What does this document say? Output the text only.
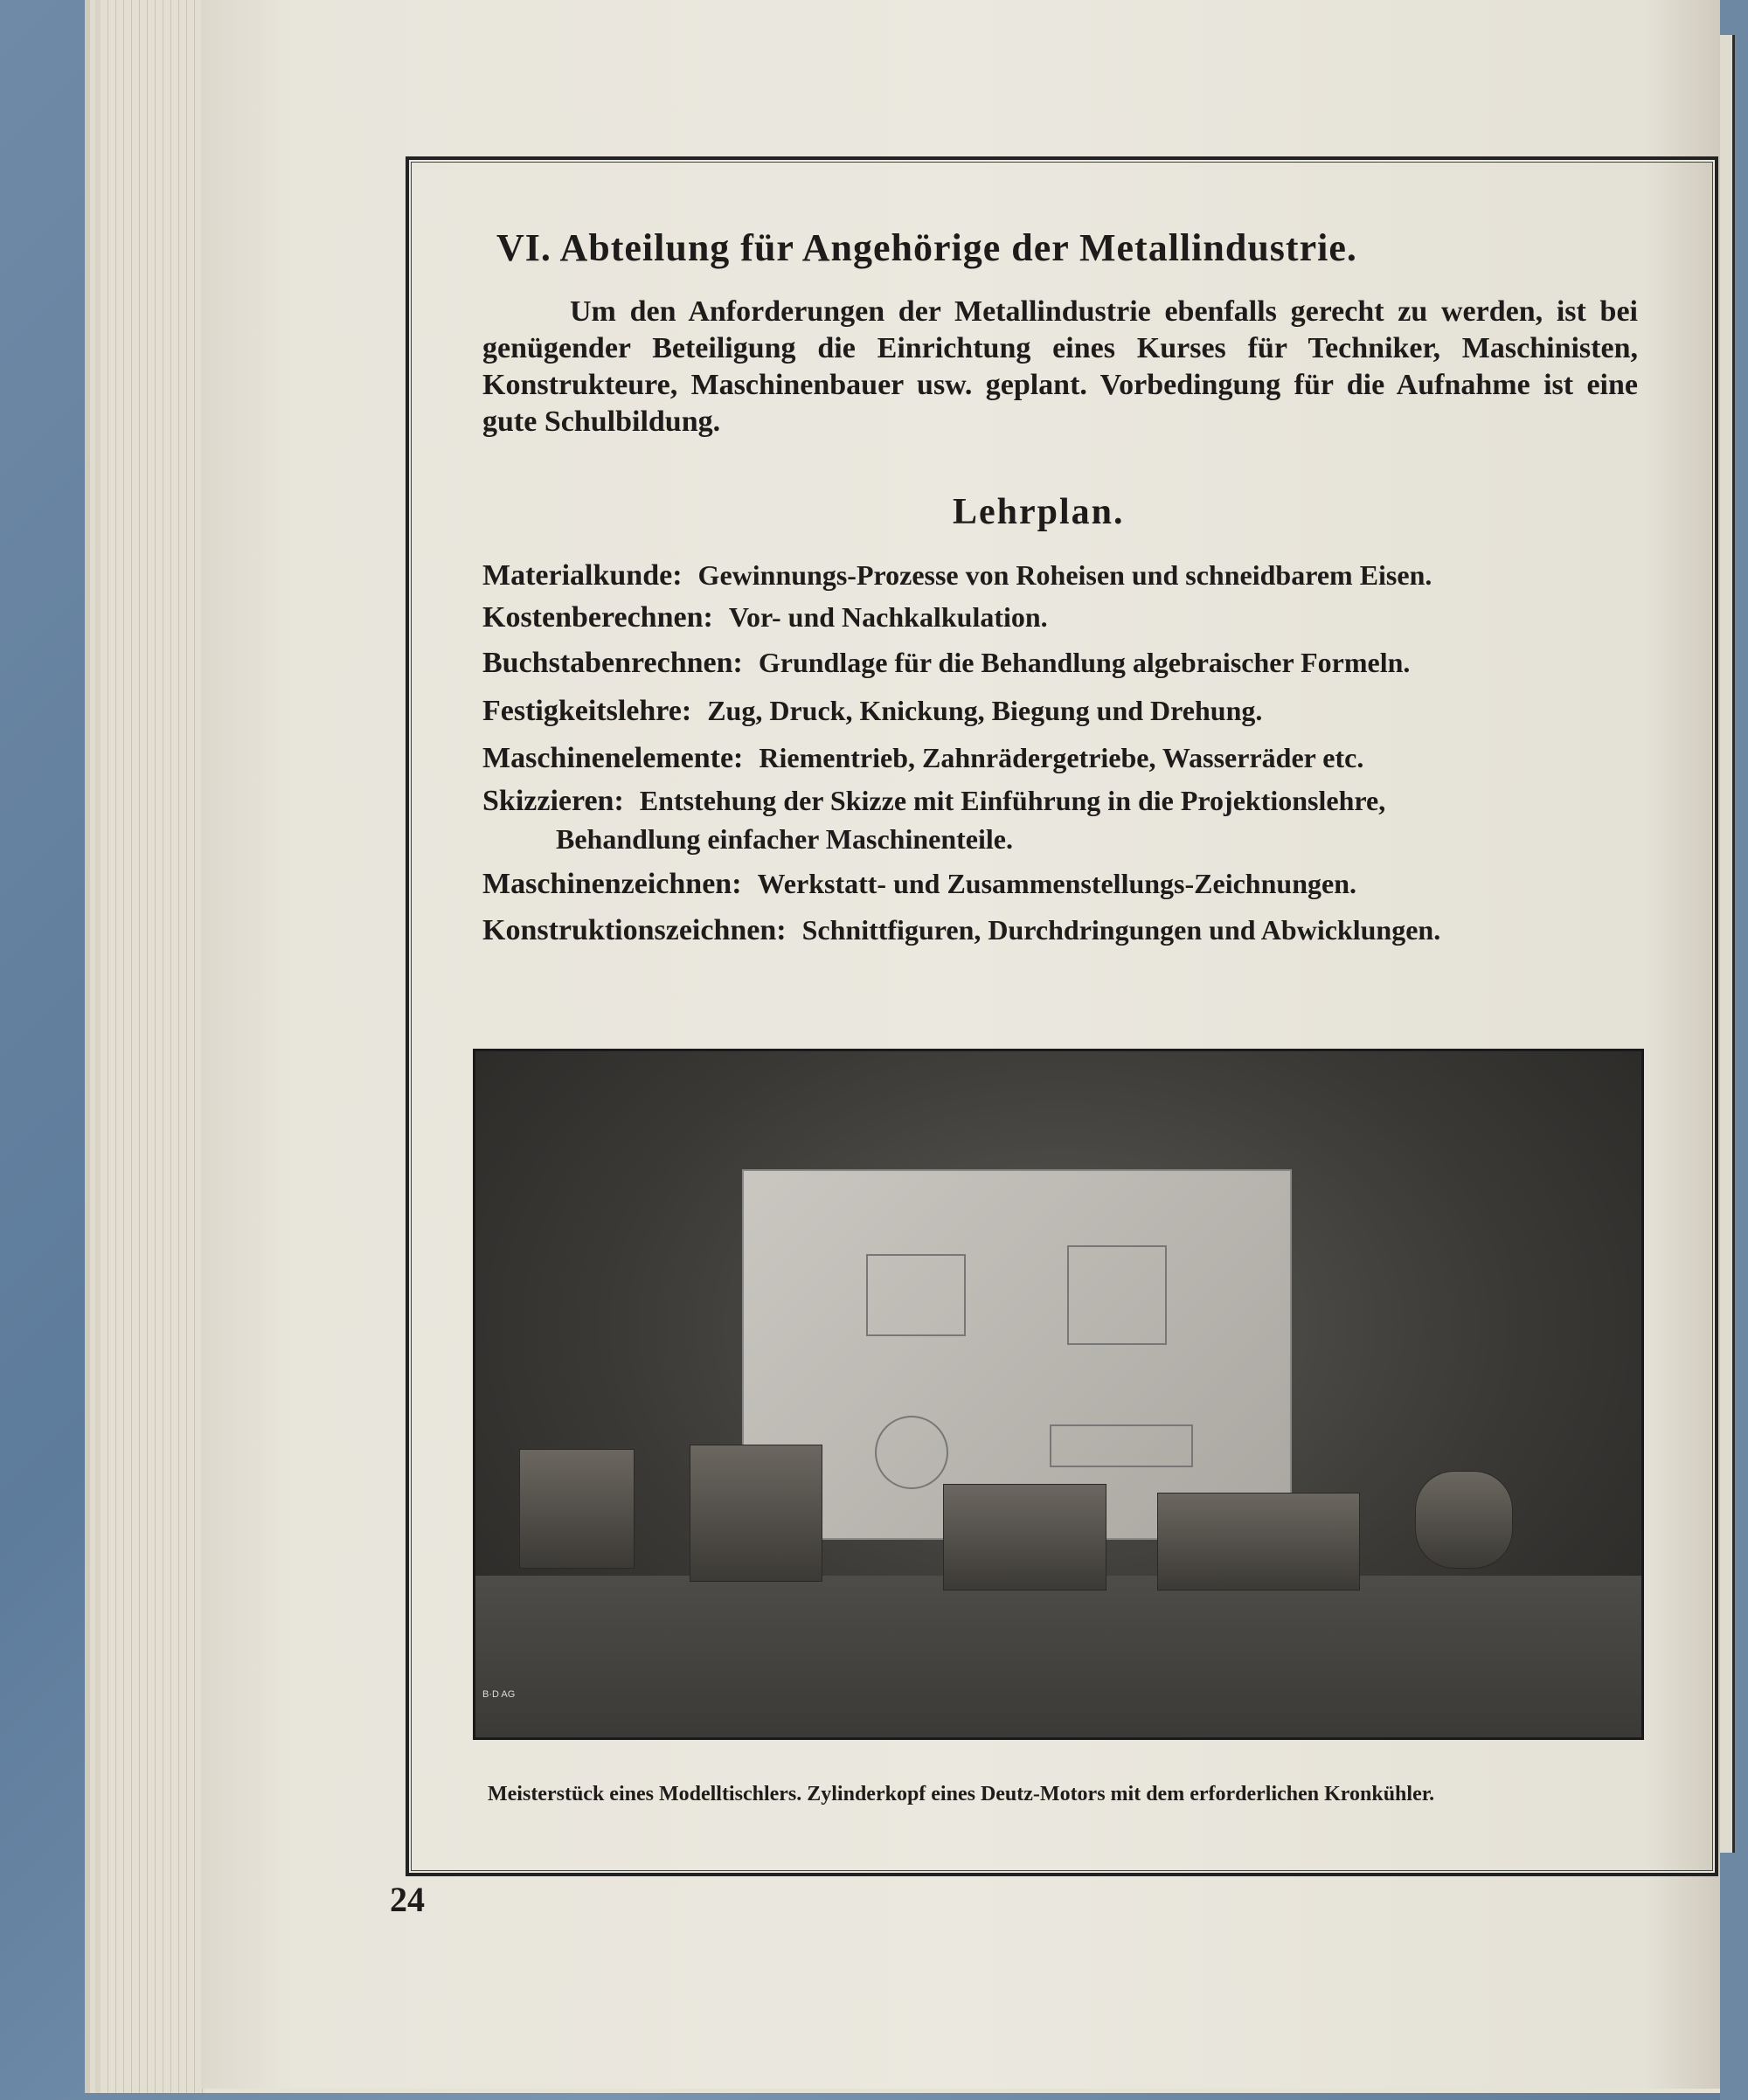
VI. Abteilung für Angehörige der Metallindustrie.
Um den Anforderungen der Metallindustrie ebenfalls gerecht zu werden, ist bei genügender Beteiligung die Einrichtung eines Kurses für Techniker, Maschinisten, Konstrukteure, Maschinenbauer usw. geplant. Vorbedingung für die Aufnahme ist eine gute Schulbildung.
Lehrplan.
Materialkunde: Gewinnungs-Prozesse von Roheisen und schneidbarem Eisen.
Kostenberechnen: Vor- und Nachkalkulation.
Buchstabenrechnen: Grundlage für die Behandlung algebraischer Formeln.
Festigkeitslehre: Zug, Druck, Knickung, Biegung und Drehung.
Maschinenelemente: Riementrieb, Zahnrädergetriebe, Wasserräder etc.
Skizzieren: Entstehung der Skizze mit Einführung in die Projektionslehre,
Behandlung einfacher Maschinenteile.
Maschinenzeichnen: Werkstatt- und Zusammenstellungs-Zeichnungen.
Konstruktionszeichnen: Schnittfiguren, Durchdringungen und Abwicklungen.
B·D AG
Meisterstück eines Modelltischlers. Zylinderkopf eines Deutz-Motors mit dem erforderlichen Kronkühler.
24
